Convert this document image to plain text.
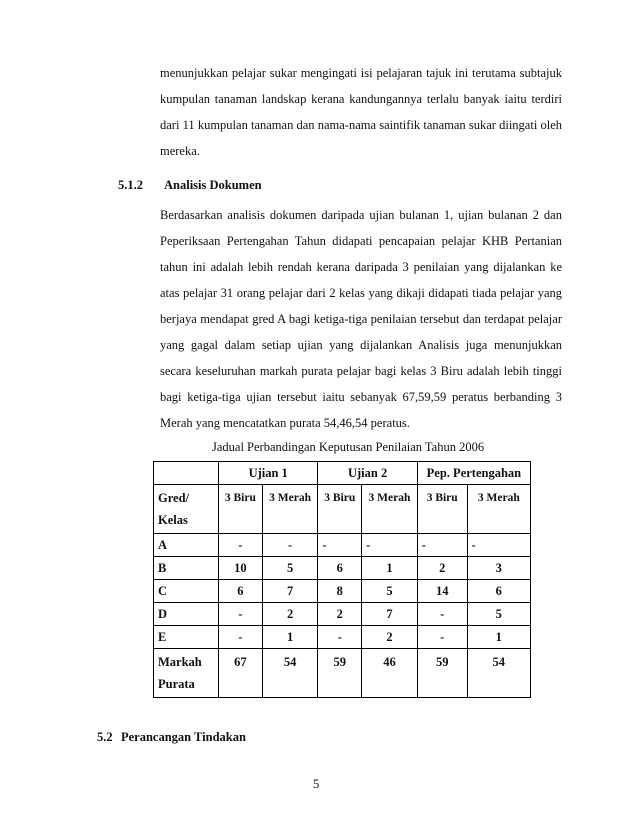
menunjukkan pelajar sukar mengingati isi pelajaran tajuk ini terutama subtajuk kumpulan tanaman landskap kerana kandungannya terlalu banyak iaitu terdiri dari 11 kumpulan tanaman dan nama-nama saintifik tanaman sukar diingati oleh mereka.

5.1.2 Analisis Dokumen

Berdasarkan analisis dokumen daripada ujian bulanan 1, ujian bulanan 2 dan Peperiksaan Pertengahan Tahun didapati pencapaian pelajar KHB Pertanian tahun ini adalah lebih rendah kerana daripada 3 penilaian yang dijalankan ke atas pelajar 31 orang pelajar dari 2 kelas yang dikaji didapati tiada pelajar yang berjaya mendapat gred A bagi ketiga-tiga penilaian tersebut dan terdapat pelajar yang gagal dalam setiap ujian yang dijalankan Analisis juga menunjukkan secara keseluruhan markah purata pelajar bagi kelas 3 Biru adalah lebih tinggi bagi ketiga-tiga ujian tersebut iaitu sebanyak 67,59,59 peratus berbanding 3 Merah yang mencatatkan purata 54,46,54 peratus.

Jadual Perbandingan Keputusan Penilaian Tahun 2006
	Ujian 1		Ujian 2		Pep. Pertengahan	

Gred/
Kelas	3 Biru	3 Merah	3 Biru	3 Merah	3 Biru	3 Merah
A	-	-	-	-	-	-
B	10	5	6	1	2	3
C	6	7	8	5	14	6
D	-	2	2	7	-	5
E	-	1	-	2	-	1

Markah
Purata	67	54	59	46	59	54
5.2 Perancangan Tindakan
5
